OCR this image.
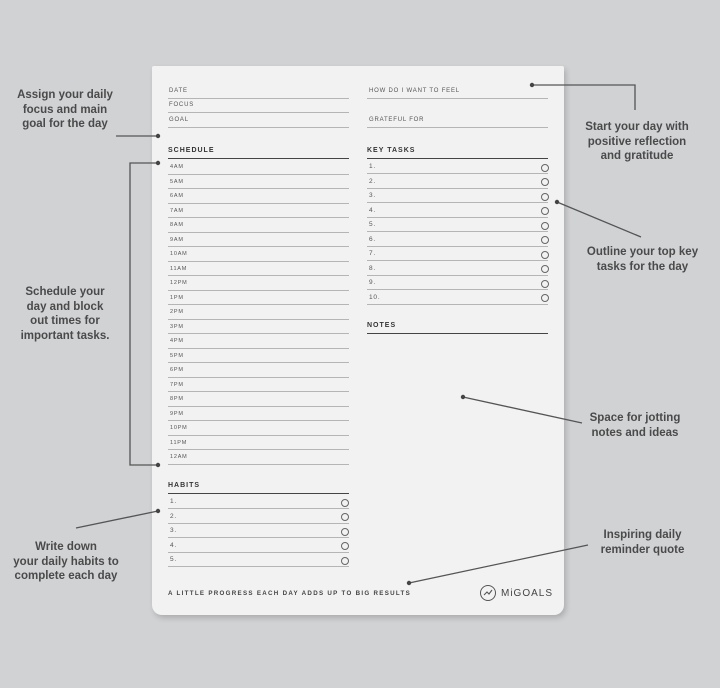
DATE
FOCUS
GOAL
HOW DO I WANT TO FEEL
GRATEFUL FOR
SCHEDULE
4AM
5AM
6AM
7AM
8AM
9AM
10AM
11AM
12PM
1PM
2PM
3PM
4PM
5PM
6PM
7PM
8PM
9PM
10PM
11PM
12AM
KEY TASKS
1.
2.
3.
4.
5.
6.
7.
8.
9.
10.
NOTES
HABITS
1.
2.
3.
4.
5.
A LITTLE PROGRESS EACH DAY ADDS UP TO BIG RESULTS	MiGOALS
Assign your daily
focus and main
goal for the day	Start your day with
positive reflection
and gratitude
Schedule your
day and block
out times for
important tasks.
Outline your top key
tasks for the day
Space for jotting
notes and ideas
Write down
your daily habits to
complete each day
Inspiring daily
reminder quote
